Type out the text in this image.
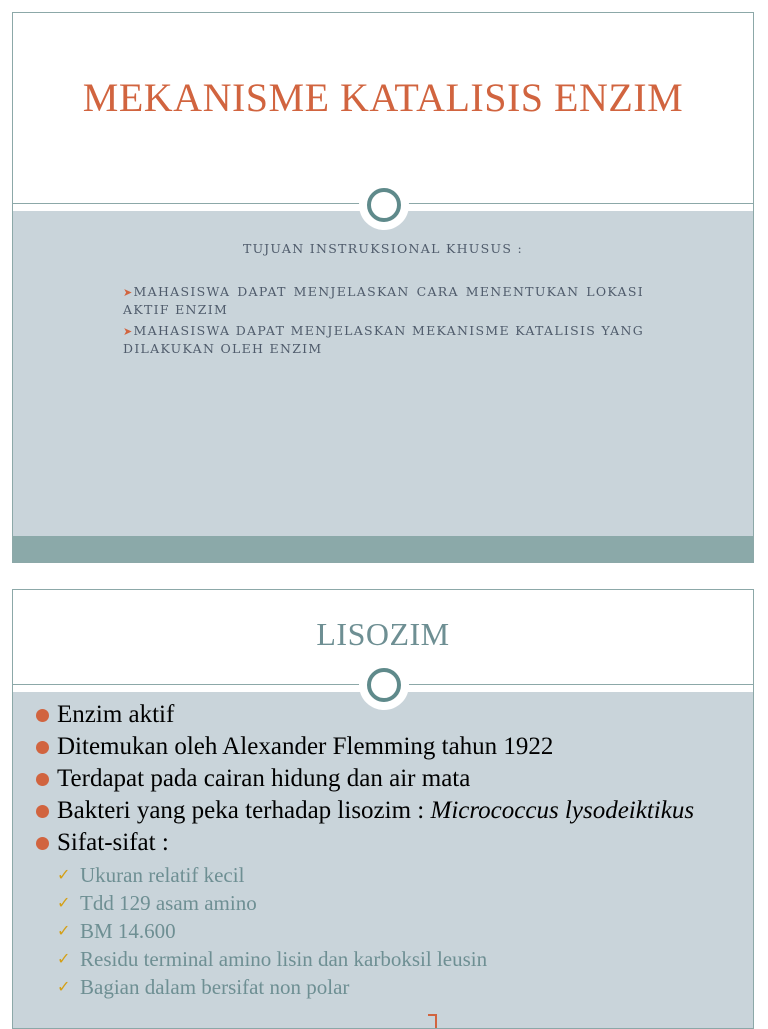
MEKANISME KATALISIS ENZIM
TUJUAN INSTRUKSIONAL KHUSUS :
➤MAHASISWA DAPAT MENJELASKAN CARA MENENTUKAN LOKASI AKTIF ENZIM
➤MAHASISWA DAPAT MENJELASKAN MEKANISME KATALISIS YANG DILAKUKAN OLEH ENZIM
LISOZIM
Enzim aktif
Ditemukan oleh Alexander Flemming tahun 1922
Terdapat pada cairan hidung dan air mata
Bakteri yang peka terhadap lisozim : Micrococcus lysodeiktikus
Sifat-sifat :
✓ Ukuran relatif kecil
✓ Tdd 129 asam amino
✓ BM 14.600
✓ Residu terminal amino lisin dan karboksil leusin
✓ Bagian dalam bersifat non polar
